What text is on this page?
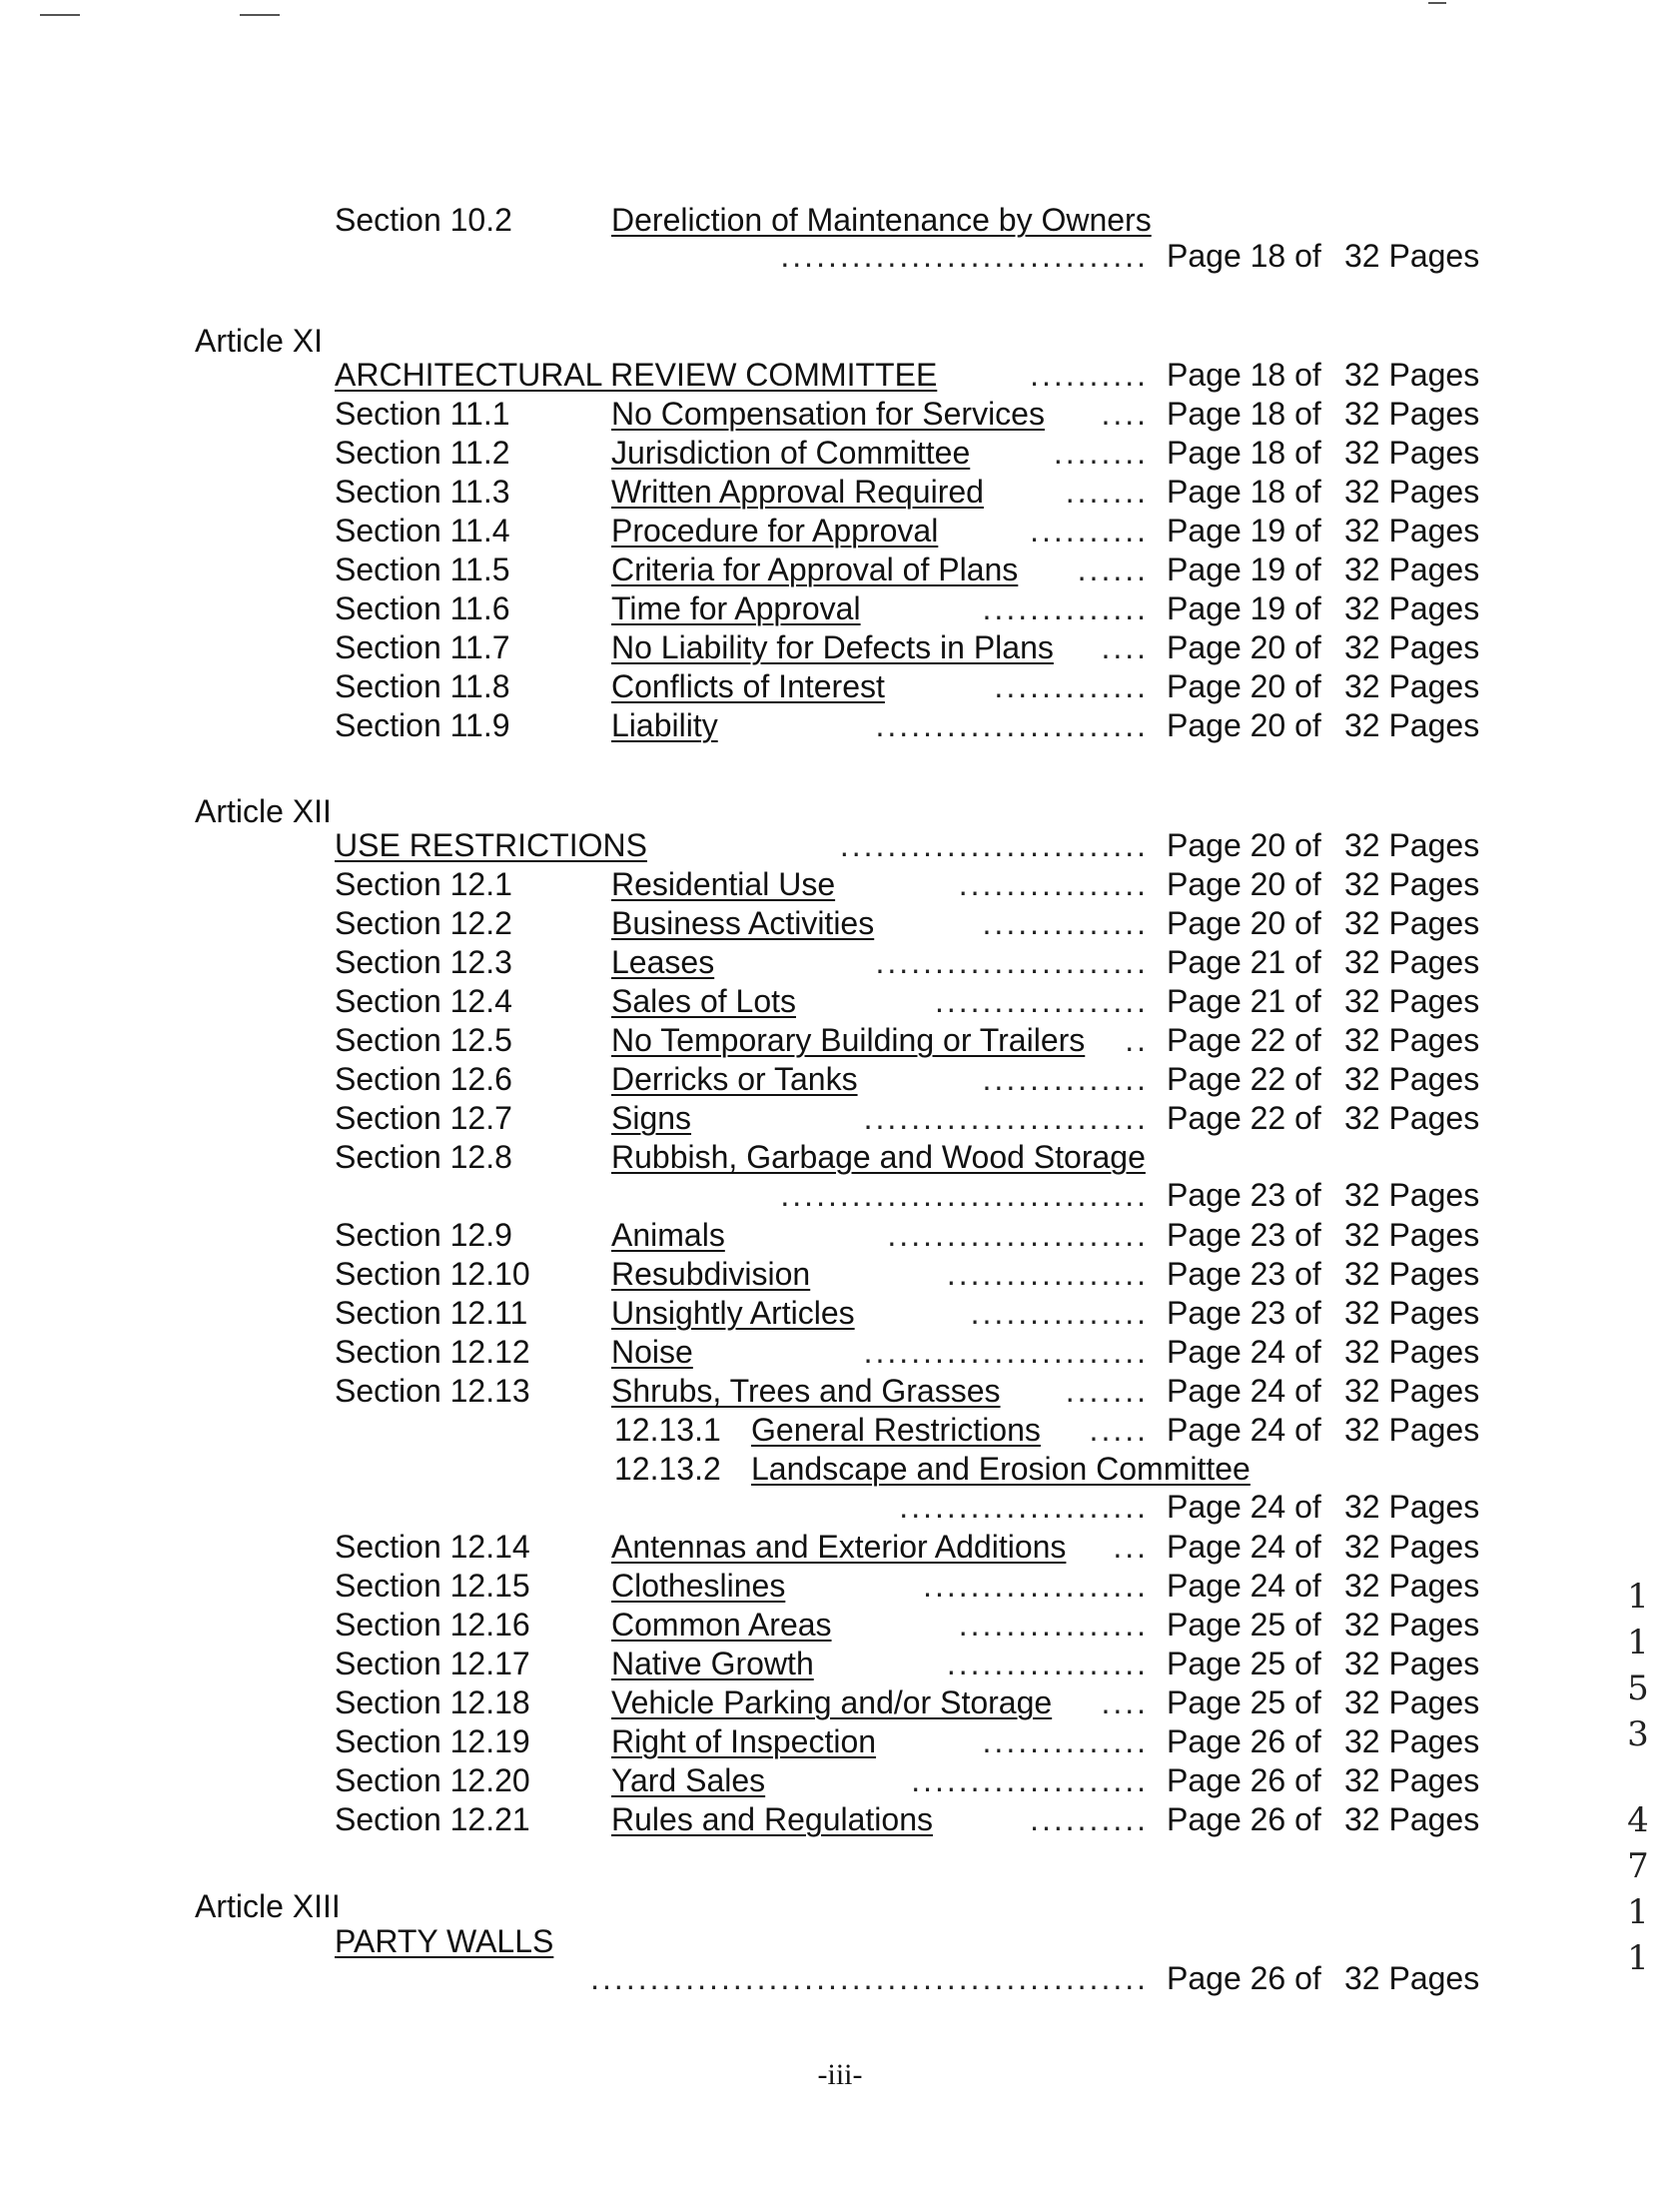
Section 10.2	Dereliction of Maintenance by Owners
............................... Page 18 of 32 Pages
Article XI
ARCHITECTURAL REVIEW COMMITTEE	.......... Page 18 of 32 Pages
Section 11.1	No Compensation for Services	.... Page 18 of 32 Pages
Section 11.2	Jurisdiction of Committee	........ Page 18 of 32 Pages
Section 11.3	Written Approval Required	....... Page 18 of 32 Pages
Section 11.4	Procedure for Approval	.......... Page 19 of 32 Pages
Section 11.5	Criteria for Approval of Plans	...... Page 19 of 32 Pages
Section 11.6	Time for Approval	.............. Page 19 of 32 Pages
Section 11.7	No Liability for Defects in Plans	.... Page 20 of 32 Pages
Section 11.8	Conflicts of Interest	............. Page 20 of 32 Pages
Section 11.9	Liability	....................... Page 20 of 32 Pages
Article XII
USE RESTRICTIONS	.......................... Page 20 of 32 Pages
Section 12.1	Residential Use	................ Page 20 of 32 Pages
Section 12.2	Business Activities	.............. Page 20 of 32 Pages
Section 12.3	Leases	....................... Page 21 of 32 Pages
Section 12.4	Sales of Lots	.................. Page 21 of 32 Pages
Section 12.5	No Temporary Building or Trailers	.. Page 22 of 32 Pages
Section 12.6	Derricks or Tanks	.............. Page 22 of 32 Pages
Section 12.7	Signs	........................ Page 22 of 32 Pages
Section 12.8	Rubbish, Garbage and Wood Storage
............................... Page 23 of 32 Pages
Section 12.9	Animals	...................... Page 23 of 32 Pages
Section 12.10	Resubdivision	................. Page 23 of 32 Pages
Section 12.11	Unsightly Articles	............... Page 23 of 32 Pages
Section 12.12	Noise	........................ Page 24 of 32 Pages
Section 12.13	Shrubs, Trees and Grasses	....... Page 24 of 32 Pages
12.13.1 General Restrictions	..... Page 24 of 32 Pages
12.13.2 Landscape and Erosion Committee
..................... Page 24 of 32 Pages
Section 12.14	Antennas and Exterior Additions	... Page 24 of 32 Pages
Section 12.15	Clotheslines	................... Page 24 of 32 Pages
Section 12.16	Common Areas	................ Page 25 of 32 Pages
Section 12.17	Native Growth	................. Page 25 of 32 Pages
Section 12.18	Vehicle Parking and/or Storage	.... Page 25 of 32 Pages
Section 12.19	Right of Inspection	.............. Page 26 of 32 Pages
Section 12.20	Yard Sales	.................... Page 26 of 32 Pages
Section 12.21	Rules and Regulations	.......... Page 26 of 32 Pages
Article XIII
PARTY WALLS
............................................... Page 26 of 32 Pages
-iii-
1
1
5
3
4
7
1
1
